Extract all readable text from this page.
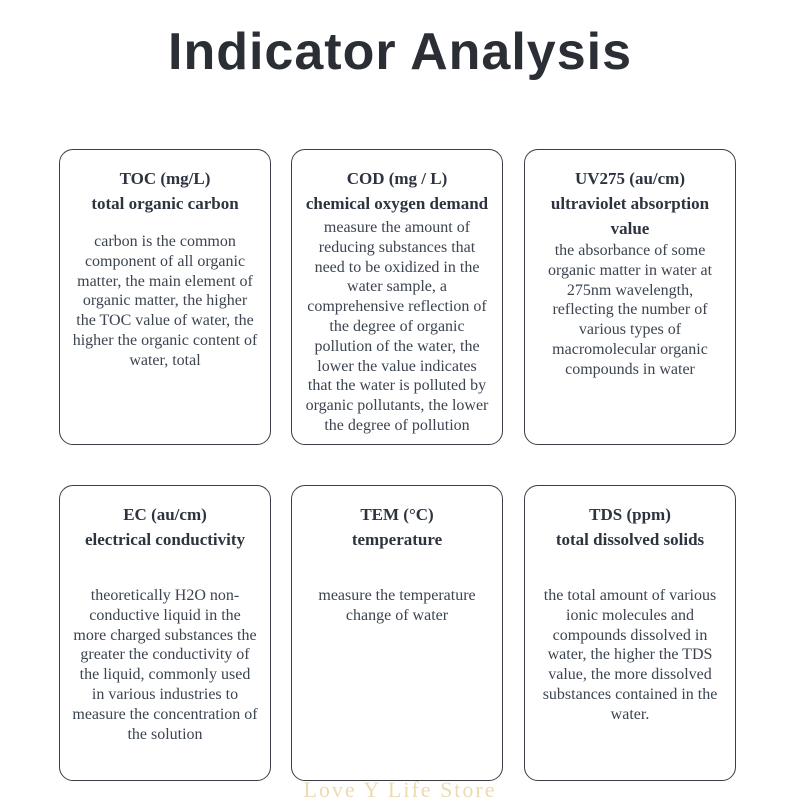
Indicator Analysis
TOC (mg/L)
total organic carbon
carbon is the common component of all organic matter, the main element of organic matter, the higher the TOC value of water, the higher the organic content of water, total
COD (mg / L)
chemical oxygen demand
measure the amount of reducing substances that need to be oxidized in the water sample, a comprehensive reflection of the degree of organic pollution of the water, the lower the value indicates that the water is polluted by organic pollutants, the lower the degree of pollution
UV275 (au/cm)
ultraviolet absorption value
the absorbance of some organic matter in water at 275nm wavelength, reflecting the number of various types of macromolecular organic compounds in water
EC (au/cm)
electrical conductivity
theoretically H2O non-conductive liquid in the more charged substances the greater the conductivity of the liquid, commonly used in various industries to measure the concentration of the solution
TEM (°C)
temperature
measure the temperature change of water
TDS (ppm)
total dissolved solids
the total amount of various ionic molecules and compounds dissolved in water, the higher the TDS value, the more dissolved substances contained in the water.
Love Y Life Store
